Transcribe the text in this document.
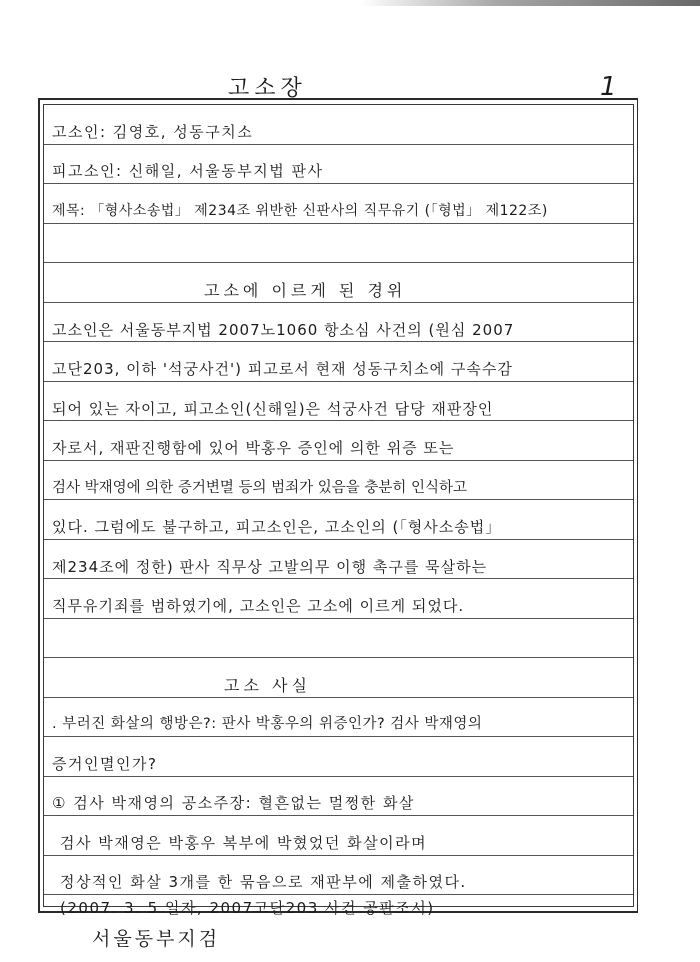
고소장	1
고소인: 김영호, 성동구치소
피고소인: 신해일, 서울동부지법 판사
제목: 「형사소송법」 제234조 위반한 신판사의 직무유기 (「형법」 제122조)
고소에 이르게 된 경위
고소인은 서울동부지법 2007노1060 항소심 사건의 (원심 2007
고단203, 이하 '석궁사건') 피고로서 현재 성동구치소에 구속수감
되어 있는 자이고, 피고소인(신해일)은 석궁사건 담당 재판장인
자로서, 재판진행함에 있어 박홍우 증인에 의한 위증 또는
검사 박재영에 의한 증거변멸 등의 범죄가 있음을 충분히 인식하고
있다. 그럼에도 불구하고, 피고소인은, 고소인의 (「형사소송법」
제234조에 정한) 판사 직무상 고발의무 이행 촉구를 묵살하는
직무유기죄를 범하였기에, 고소인은 고소에 이르게 되었다.
고소 사실
. 부러진 화살의 행방은?: 판사 박홍우의 위증인가? 검사 박재영의
증거인멸인가?
① 검사 박재영의 공소주장: 혈흔없는 멀쩡한 화살
검사 박재영은 박홍우 복부에 박혔었던 화살이라며
정상적인 화살 3개를 한 묶음으로 재판부에 제출하였다.
(2007. 3. 5 일자, 2007고단203 사건 공판조서)
서울동부지검
